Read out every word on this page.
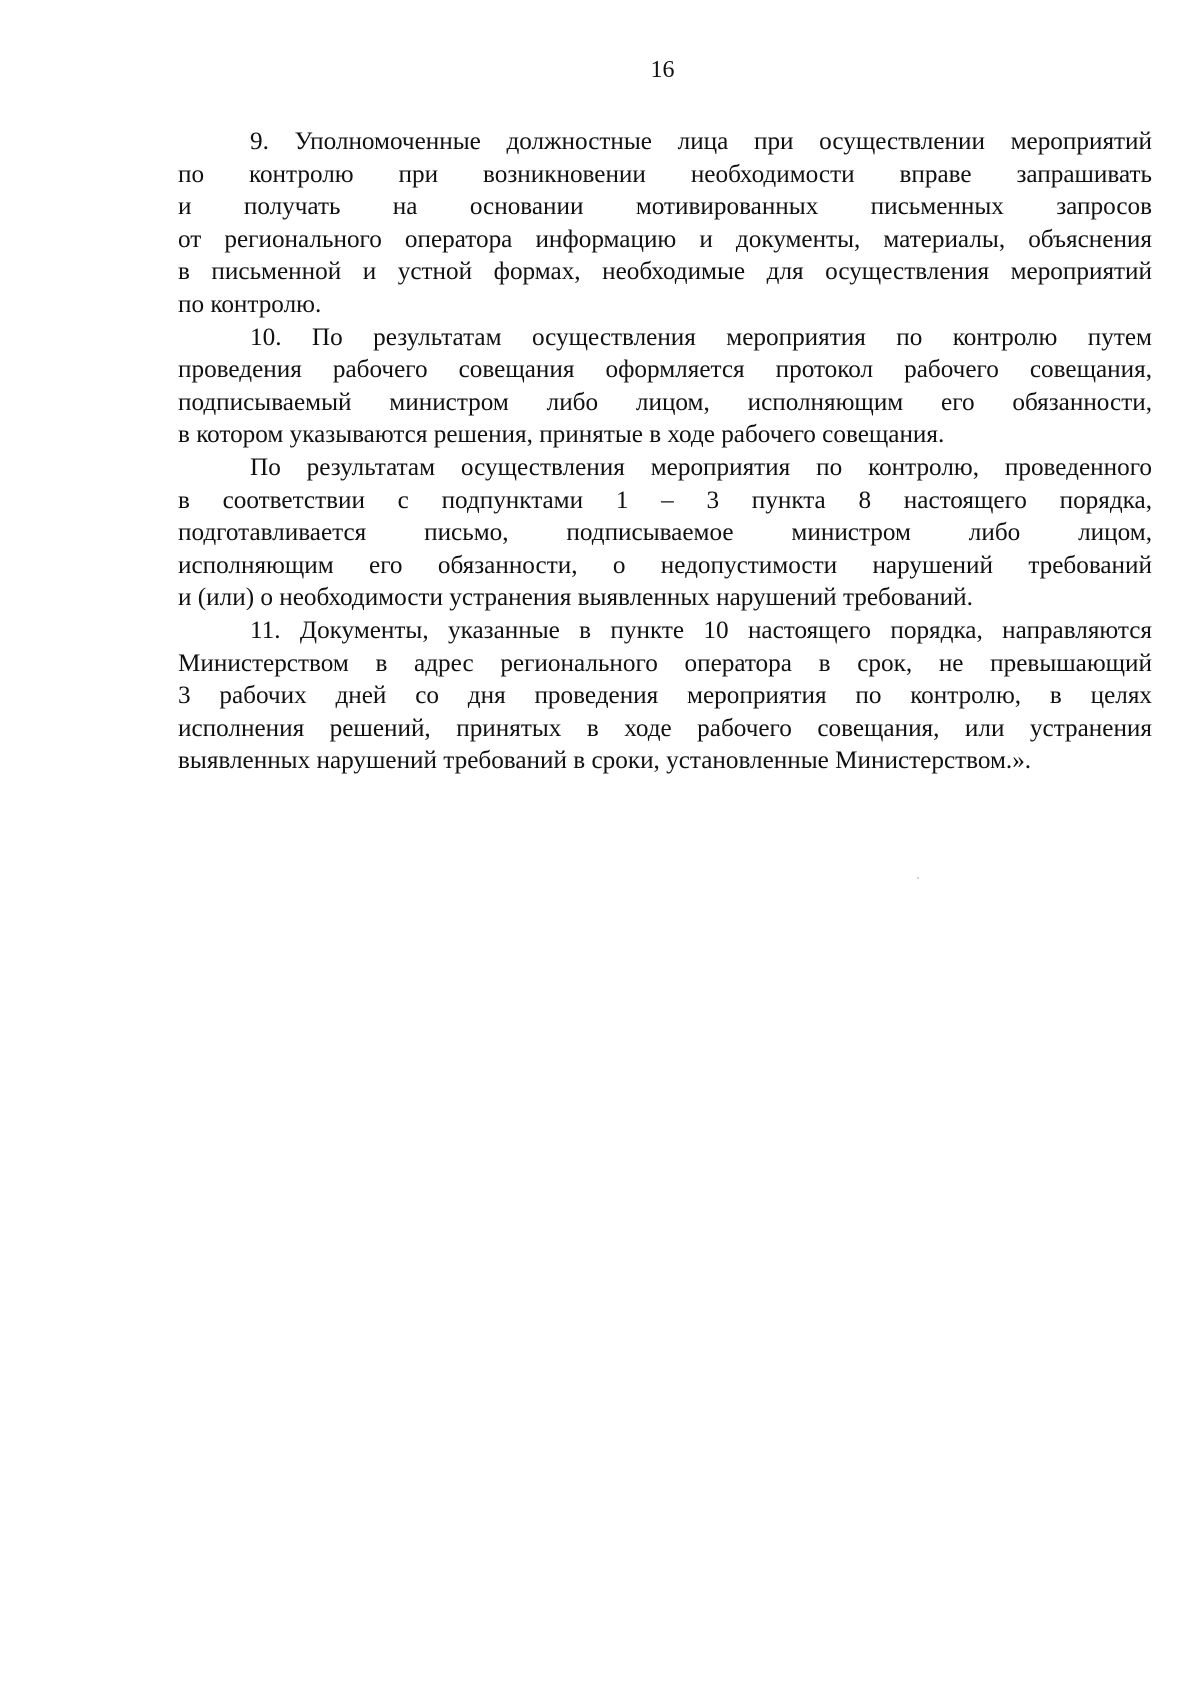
16
9. Уполномоченные должностные лица при осуществлении мероприятий
по контролю при возникновении необходимости вправе запрашивать
и получать на основании мотивированных письменных запросов
от регионального оператора информацию и документы, материалы, объяснения
в письменной и устной формах, необходимые для осуществления мероприятий
по контролю.
10. По результатам осуществления мероприятия по контролю путем
проведения рабочего совещания оформляется протокол рабочего совещания,
подписываемый министром либо лицом, исполняющим его обязанности,
в котором указываются решения, принятые в ходе рабочего совещания.
По результатам осуществления мероприятия по контролю, проведенного
в соответствии с подпунктами 1 – 3 пункта 8 настоящего порядка,
подготавливается письмо, подписываемое министром либо лицом,
исполняющим его обязанности, о недопустимости нарушений требований
и (или) о необходимости устранения выявленных нарушений требований.
11. Документы, указанные в пункте 10 настоящего порядка, направляются
Министерством в адрес регионального оператора в срок, не превышающий
3 рабочих дней со дня проведения мероприятия по контролю, в целях
исполнения решений, принятых в ходе рабочего совещания, или устранения
выявленных нарушений требований в сроки, установленные Министерством.».
